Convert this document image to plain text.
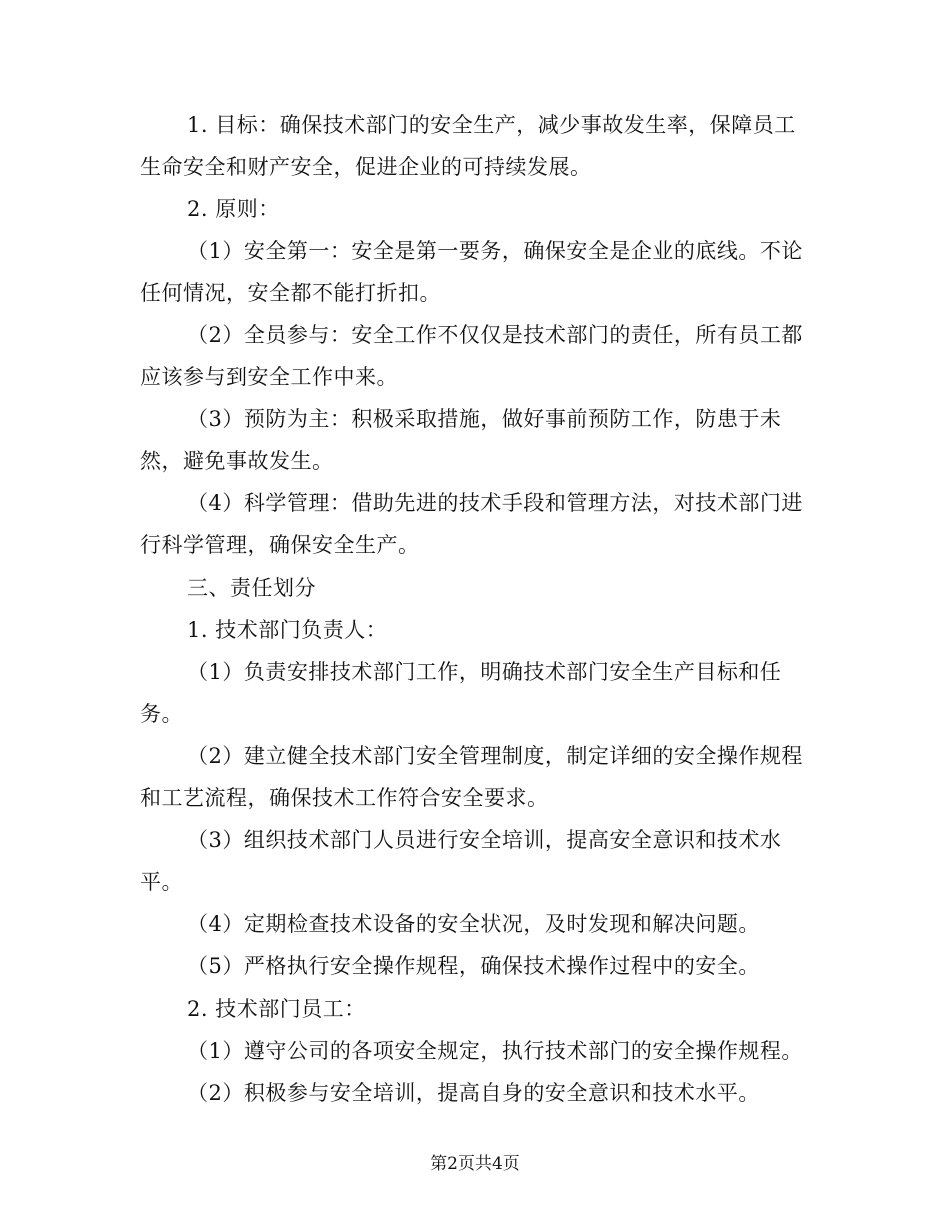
1. 目标：确保技术部门的安全生产，减少事故发生率，保障员工
生命安全和财产安全，促进企业的可持续发展。
2. 原则：
（1）安全第一：安全是第一要务，确保安全是企业的底线。不论
任何情况，安全都不能打折扣。
（2）全员参与：安全工作不仅仅是技术部门的责任，所有员工都
应该参与到安全工作中来。
（3）预防为主：积极采取措施，做好事前预防工作，防患于未
然，避免事故发生。
（4）科学管理：借助先进的技术手段和管理方法，对技术部门进
行科学管理，确保安全生产。
三、责任划分
1. 技术部门负责人：
（1）负责安排技术部门工作，明确技术部门安全生产目标和任
务。
（2）建立健全技术部门安全管理制度，制定详细的安全操作规程
和工艺流程，确保技术工作符合安全要求。
（3）组织技术部门人员进行安全培训，提高安全意识和技术水
平。
（4）定期检查技术设备的安全状况，及时发现和解决问题。
（5）严格执行安全操作规程，确保技术操作过程中的安全。
2. 技术部门员工：
（1）遵守公司的各项安全规定，执行技术部门的安全操作规程。
（2）积极参与安全培训，提高自身的安全意识和技术水平。
第2页共4页
